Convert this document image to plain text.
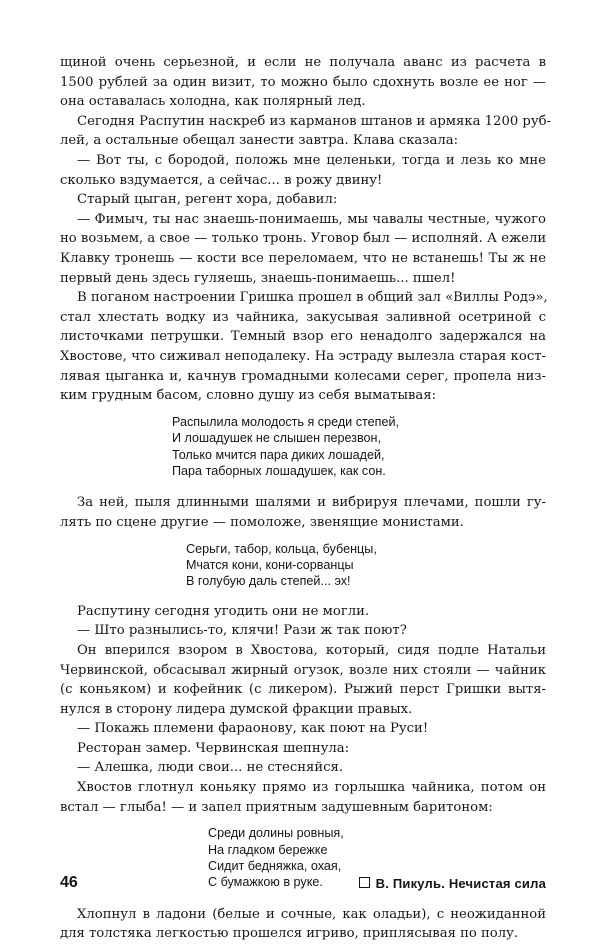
щиной очень серьезной, и если не получала аванс из расчета в
1500 рублей за один визит, то можно было сдохнуть возле ее ног —
она оставалась холодна, как полярный лед.

Сегодня Распутин наскреб из карманов штанов и армяка 1200 руб-
лей, а остальные обещал занести завтра. Клава сказала:

— Вот ты, с бородой, положь мне целеньки, тогда и лезь ко мне
сколько вздумается, а сейчас... в рожу двину!

Старый цыган, регент хора, добавил:

— Фимыч, ты нас знаешь-понимаешь, мы чавалы честные, чужого
но возьмем, а свое — только тронь. Уговор был — исполняй. А ежели
Клавку тронешь — кости все переломаем, что не встанешь! Ты ж не
первый день здесь гуляешь, знаешь-понимаешь... пшел!

В поганом настроении Гришка прошел в общий зал «Виллы Родэ»,
стал хлестать водку из чайника, закусывая заливной осетриной с
листочками петрушки. Темный взор его ненадолго задержался на
Хвостове, что сиживал неподалеку. На эстраду вылезла старая кост-
лявая цыганка и, качнув громадными колесами серег, пропела низ-
ким грудным басом, словно душу из себя выматывая:

Распылила молодость я среди степей,
И лошадушек не слышен перезвон,
Только мчится пара диких лошадей,
Пара таборных лошадушек, как сон.

За ней, пыля длинными шалями и вибрируя плечами, пошли гу-
лять по сцене другие — помоложе, звенящие монистами.

Серьги, табор, кольца, бубенцы,
Мчатся кони, кони-сорванцы
В голубую даль степей... эх!

Распутину сегодня угодить они не могли.

— Што разнылись-то, клячи! Рази ж так поют?

Он вперился взором в Хвостова, который, сидя подле Натальи
Червинской, обсасывал жирный огузок, возле них стояли — чайник
(с коньяком) и кофейник (с ликером). Рыжий перст Гришки вытя-
нулся в сторону лидера думской фракции правых.

— Покажь племени фараонову, как поют на Руси!

Ресторан замер. Червинская шепнула:

— Алешка, люди свои... не стесняйся.

Хвостов глотнул коньяку прямо из горлышка чайника, потом он
встал — глыба! — и запел приятным задушевным баритоном:

Среди долины ровныя,
На гладком бережке
Сидит бедняжка, охая,
С бумажкою в руке.

Хлопнул в ладони (белые и сочные, как оладьи), с неожиданной
для толстяка легкостью прошелся игриво, приплясывая по полу.

46	В. Пикуль. Нечистая сила
